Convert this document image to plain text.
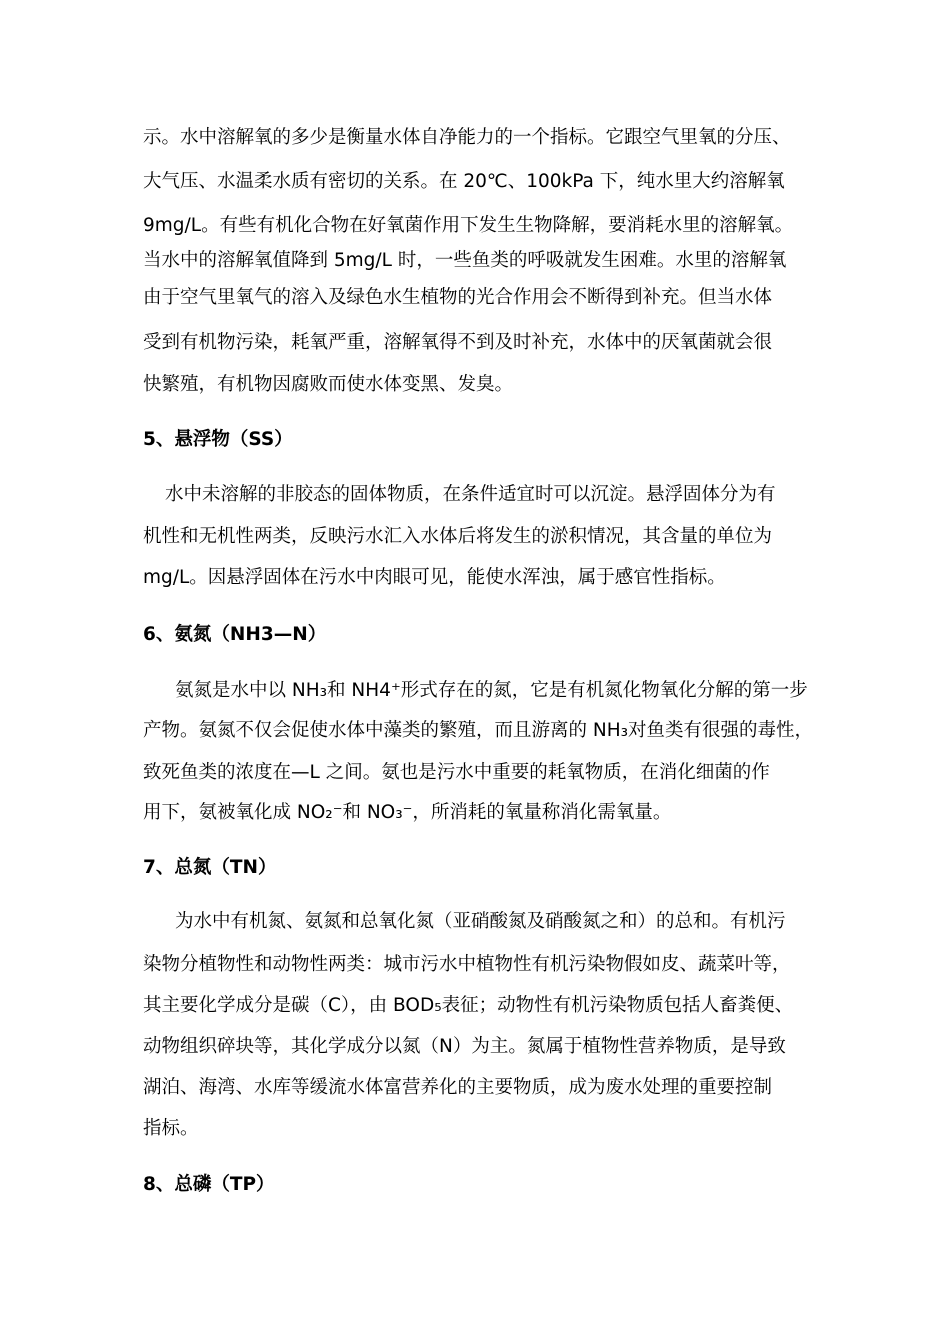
示。水中溶解氧的多少是衡量水体自净能力的一个指标。它跟空气里氧的分压、

大气压、水温柔水质有密切的关系。在 20℃、100kPa 下，纯水里大约溶解氧

9mg/L。有些有机化合物在好氧菌作用下发生生物降解，要消耗水里的溶解氧。

当水中的溶解氧值降到 5mg/L 时，一些鱼类的呼吸就发生困难。水里的溶解氧

由于空气里氧气的溶入及绿色水生植物的光合作用会不断得到补充。但当水体

受到有机物污染，耗氧严重，溶解氧得不到及时补充，水体中的厌氧菌就会很

快繁殖，有机物因腐败而使水体变黑、发臭。

5、悬浮物（SS）

水中未溶解的非胶态的固体物质，在条件适宜时可以沉淀。悬浮固体分为有

机性和无机性两类，反映污水汇入水体后将发生的淤积情况，其含量的单位为

mg/L。因悬浮固体在污水中肉眼可见，能使水浑浊，属于感官性指标。

6、氨氮（NH3—N）

氨氮是水中以 NH₃和 NH4⁺形式存在的氮，它是有机氮化物氧化分解的第一步

产物。氨氮不仅会促使水体中藻类的繁殖，而且游离的 NH₃对鱼类有很强的毒性，

致死鱼类的浓度在—L 之间。氨也是污水中重要的耗氧物质，在消化细菌的作

用下，氨被氧化成 NO₂⁻和 NO₃⁻，所消耗的氧量称消化需氧量。

7、总氮（TN）

为水中有机氮、氨氮和总氧化氮（亚硝酸氮及硝酸氮之和）的总和。有机污

染物分植物性和动物性两类：城市污水中植物性有机污染物假如皮、蔬菜叶等，

其主要化学成分是碳（C），由 BOD₅表征；动物性有机污染物质包括人畜粪便、

动物组织碎块等，其化学成分以氮（N）为主。氮属于植物性营养物质，是导致

湖泊、海湾、水库等缓流水体富营养化的主要物质，成为废水处理的重要控制

指标。

8、总磷（TP）
